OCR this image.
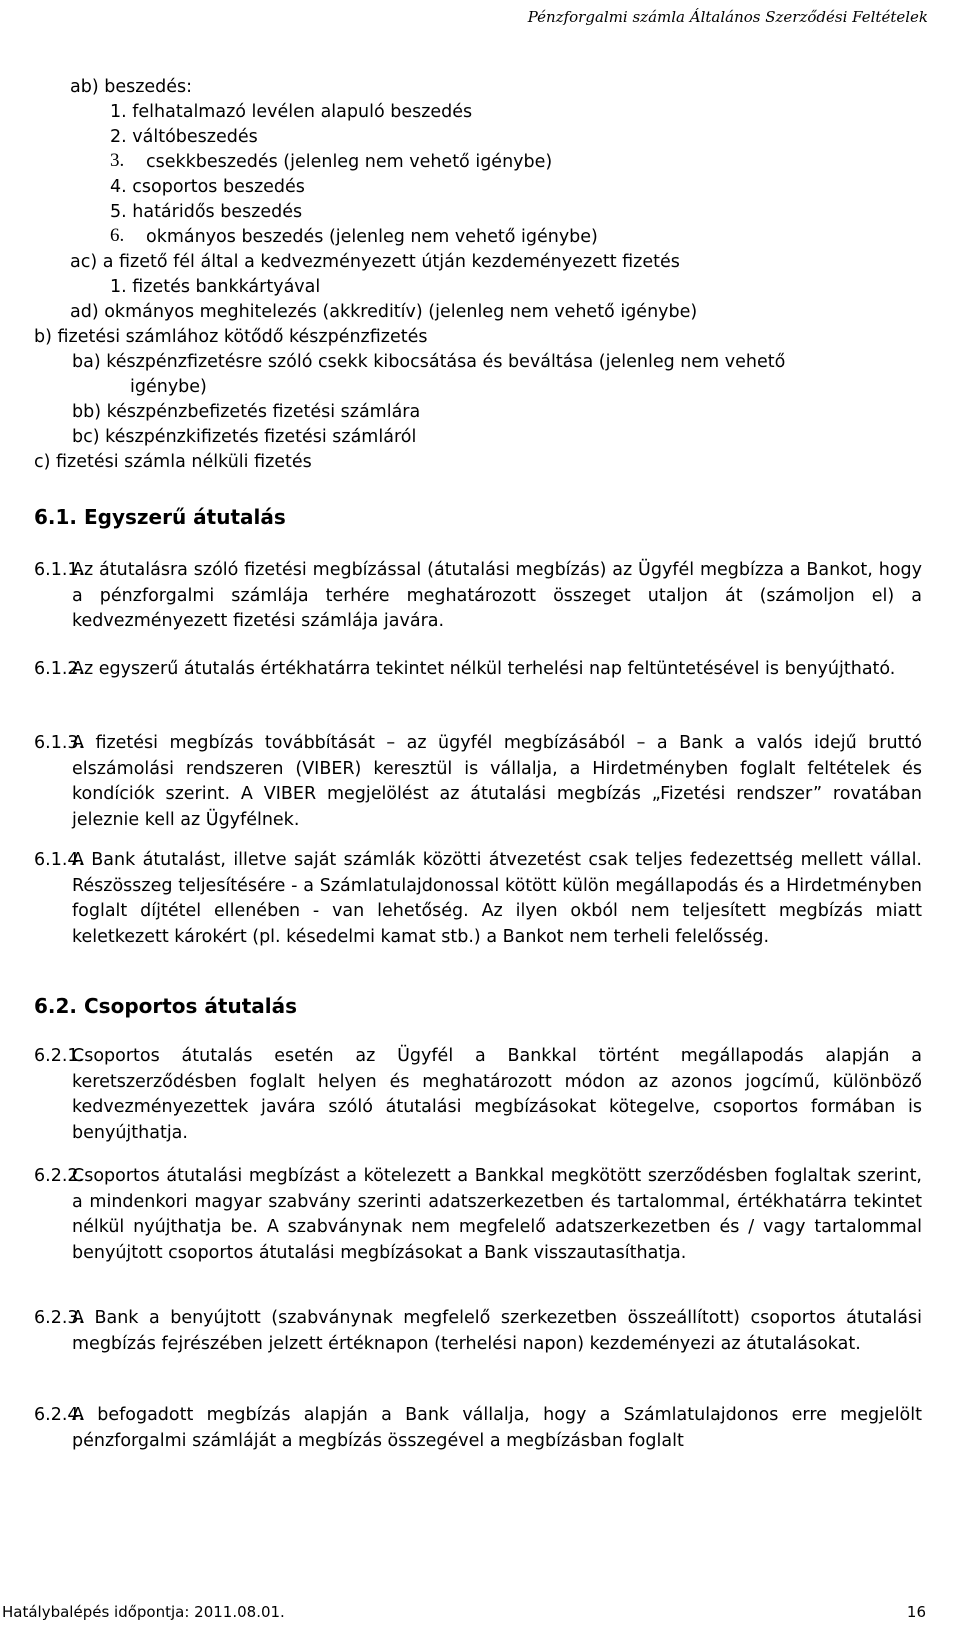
Pénzforgalmi számla Általános Szerződési Feltételek
ab) beszedés:
1. felhatalmazó levélen alapuló beszedés
2. váltóbeszedés
3. csekkbeszedés (jelenleg nem vehető igénybe)
4. csoportos beszedés
5. határidős beszedés
6. okmányos beszedés (jelenleg nem vehető igénybe)
ac) a fizető fél által a kedvezményezett útján kezdeményezett fizetés
1. fizetés bankkártyával
ad) okmányos meghitelezés (akkreditív) (jelenleg nem vehető igénybe)
b) fizetési számlához kötődő készpénzfizetés
ba) készpénzfizetésre szóló csekk kibocsátása és beváltása (jelenleg nem vehető
igénybe)
bb) készpénzbefizetés fizetési számlára
bc) készpénzkifizetés fizetési számláról
c) fizetési számla nélküli fizetés
6.1. Egyszerű átutalás
6.1.1.
Az átutalásra szóló fizetési megbízással (átutalási megbízás) az Ügyfél megbízza a Bankot, hogy a pénzforgalmi számlája terhére meghatározott összeget utaljon át (számoljon el) a kedvezményezett fizetési számlája javára.
6.1.2.
Az egyszerű átutalás értékhatárra tekintet nélkül terhelési nap feltüntetésével is benyújtható.
6.1.3.
A fizetési megbízás továbbítását – az ügyfél megbízásából – a Bank a valós idejű bruttó elszámolási rendszeren (VIBER) keresztül is vállalja, a Hirdetményben foglalt feltételek és kondíciók szerint. A VIBER megjelölést az átutalási megbízás „Fizetési rendszer” rovatában jeleznie kell az Ügyfélnek.
6.1.4.
A Bank átutalást, illetve saját számlák közötti átvezetést csak teljes fedezettség mellett vállal. Részösszeg teljesítésére - a Számlatulajdonossal kötött külön megállapodás és a Hirdetményben foglalt díjtétel ellenében - van lehetőség. Az ilyen okból nem teljesített megbízás miatt keletkezett károkért (pl. késedelmi kamat stb.) a Bankot nem terheli felelősség.
6.2. Csoportos átutalás
6.2.1.
Csoportos átutalás esetén az Ügyfél a Bankkal történt megállapodás alapján a keretszerződésben foglalt helyen és meghatározott módon az azonos jogcímű, különböző kedvezményezettek javára szóló átutalási megbízásokat kötegelve, csoportos formában is benyújthatja.
6.2.2.
Csoportos átutalási megbízást a kötelezett a Bankkal megkötött szerződésben foglaltak szerint, a mindenkori magyar szabvány szerinti adatszerkezetben és tartalommal, értékhatárra tekintet nélkül nyújthatja be. A szabványnak nem megfelelő adatszerkezetben és / vagy tartalommal benyújtott csoportos átutalási megbízásokat a Bank visszautasíthatja.
6.2.3.
A Bank a benyújtott (szabványnak megfelelő szerkezetben összeállított) csoportos átutalási megbízás fejrészében jelzett értéknapon (terhelési napon) kezdeményezi az átutalásokat.
6.2.4.
A befogadott megbízás alapján a Bank vállalja, hogy a Számlatulajdonos erre megjelölt pénzforgalmi számláját a megbízás összegével a megbízásban foglalt
Hatálybalépés időpontja: 2011.08.01.	16
